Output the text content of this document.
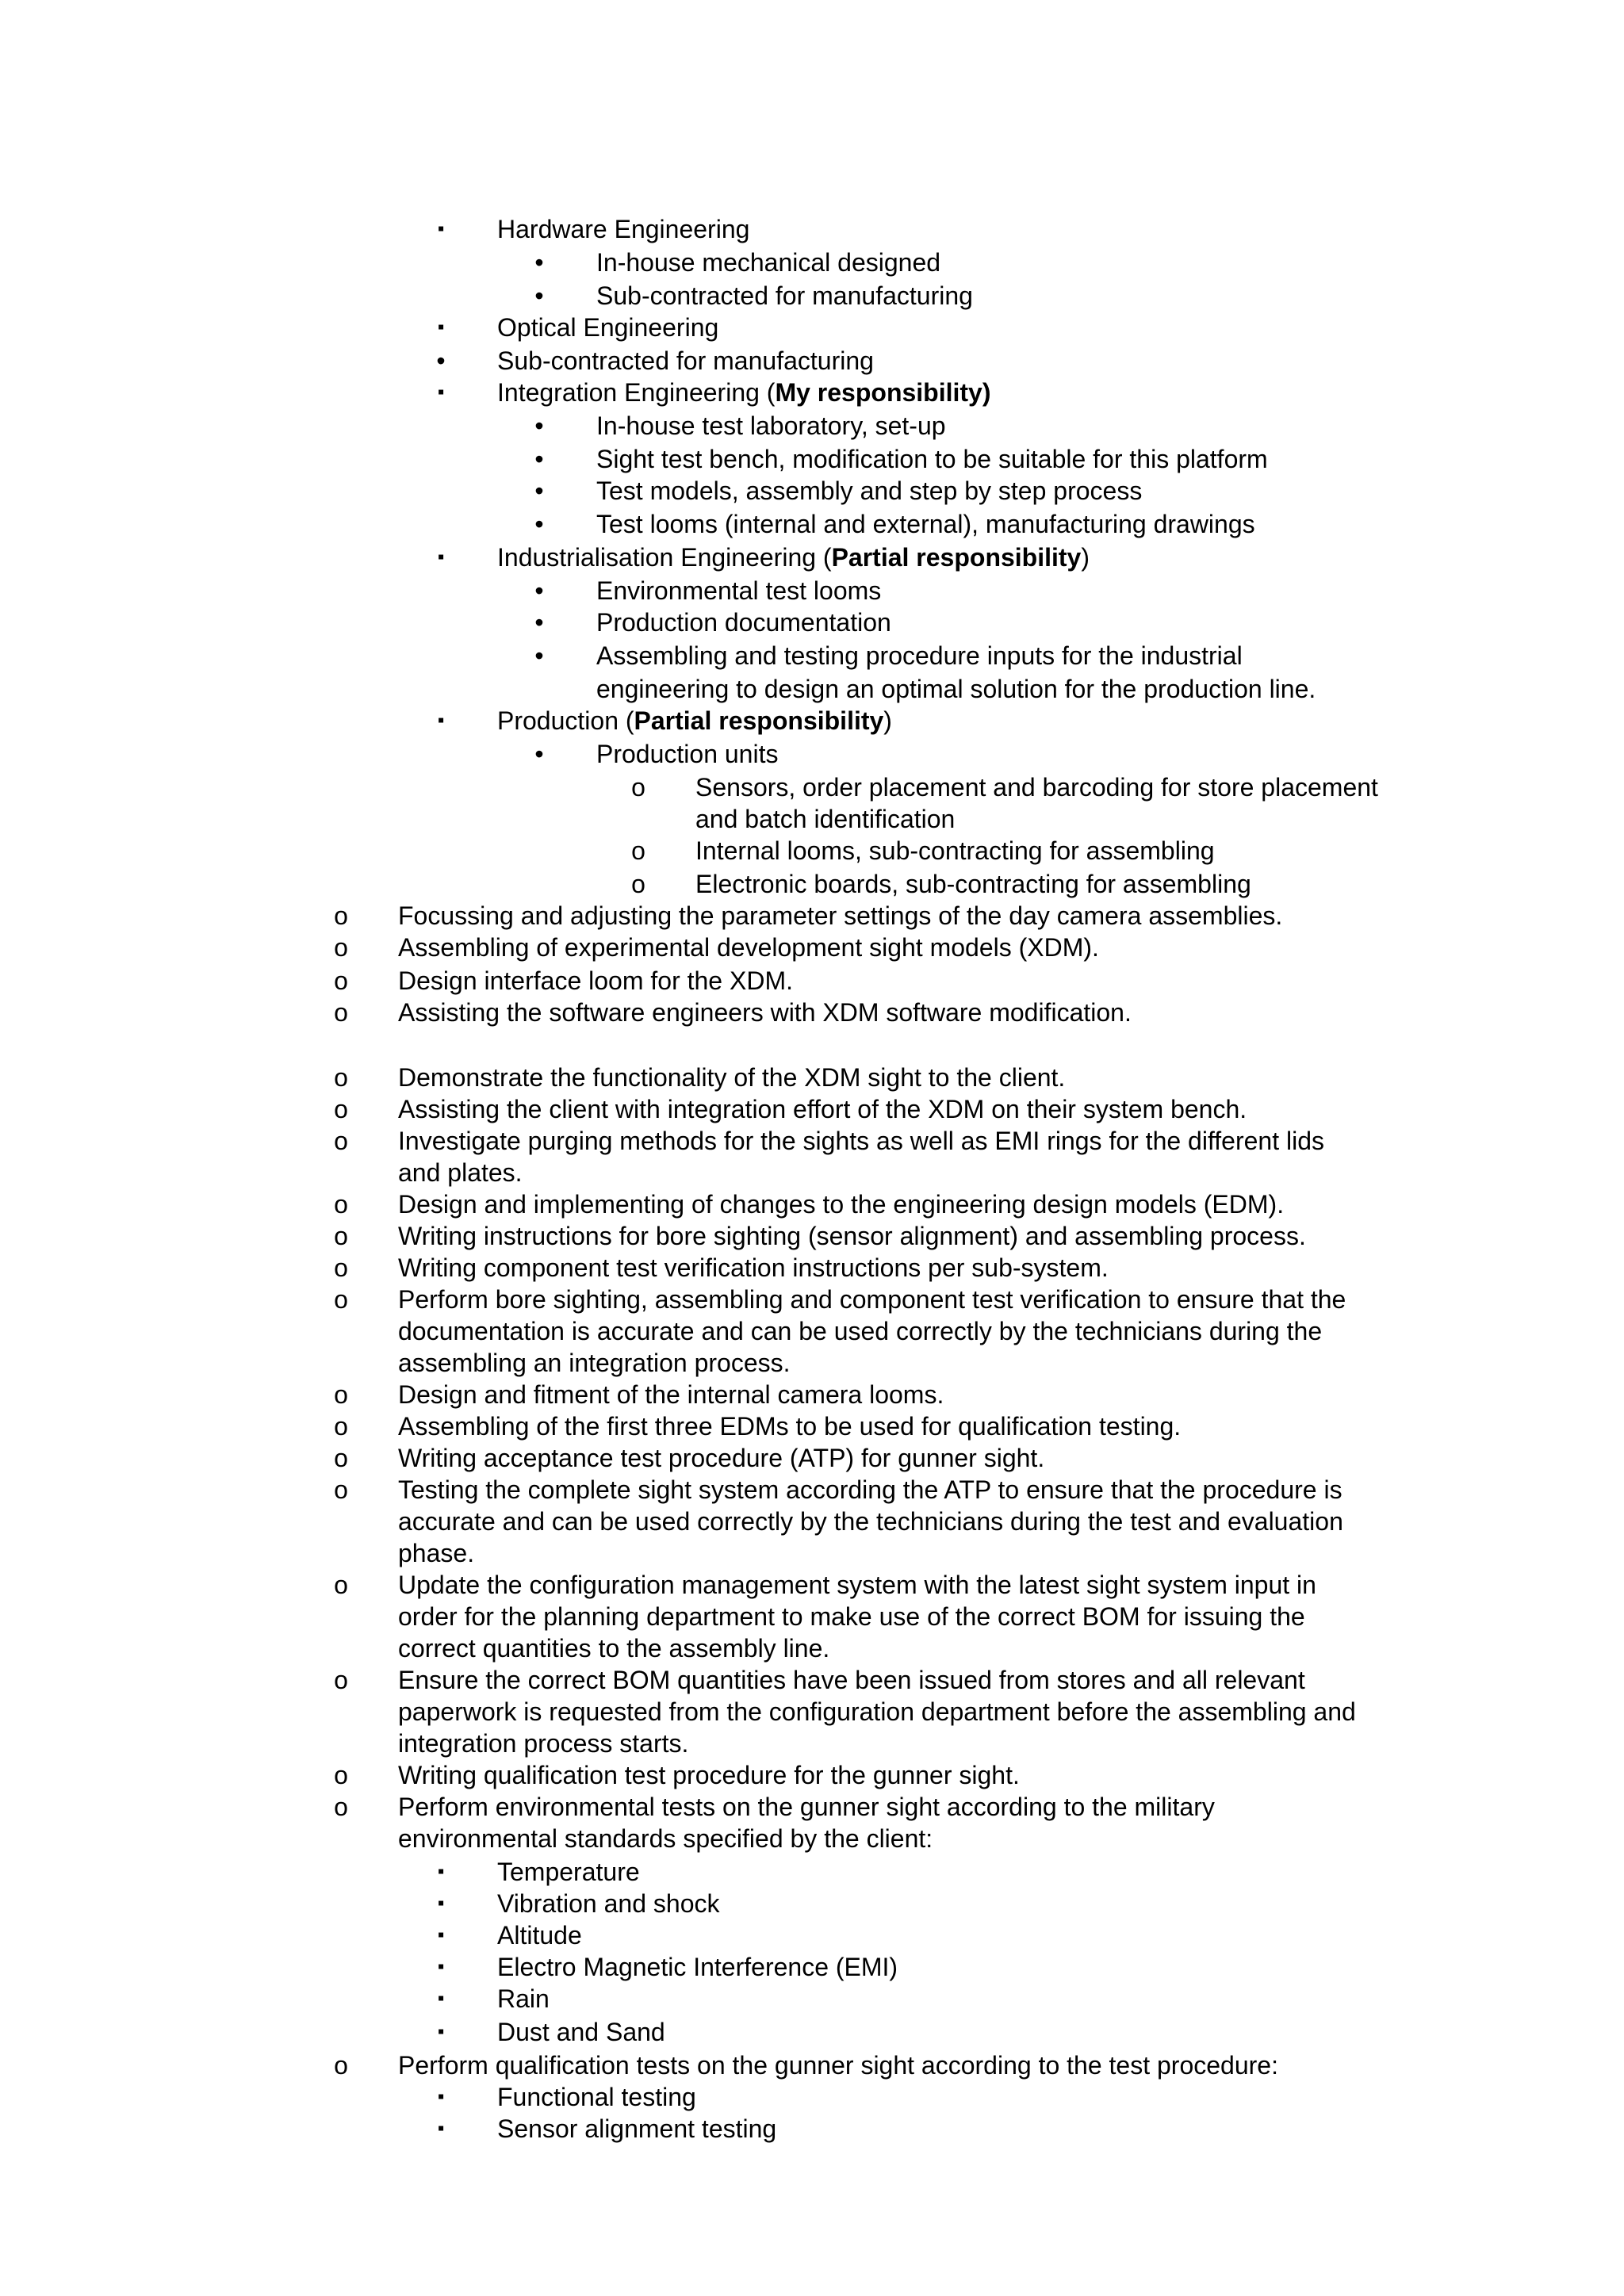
▪	Hardware Engineering
•	In-house mechanical designed
•	Sub-contracted for manufacturing
▪	Optical Engineering
•	Sub-contracted for manufacturing
▪	Integration Engineering (My responsibility)
•	In-house test laboratory, set-up
•	Sight test bench, modification to be suitable for this platform
•	Test models, assembly and step by step process
•	Test looms (internal and external), manufacturing drawings
▪	Industrialisation Engineering (Partial responsibility)
•	Environmental test looms
•	Production documentation
•	Assembling and testing procedure inputs for the industrial
engineering to design an optimal solution for the production line.
▪	Production (Partial responsibility)
•	Production units
o	Sensors, order placement and barcoding for store placement
and batch identification
o	Internal looms, sub-contracting for assembling
o	Electronic boards, sub-contracting for assembling
o	Focussing and adjusting the parameter settings of the day camera assemblies.
o	Assembling of experimental development sight models (XDM).
o	Design interface loom for the XDM.
o	Assisting the software engineers with XDM software modification.
o	Demonstrate the functionality of the XDM sight to the client.
o	Assisting the client with integration effort of the XDM on their system bench.
o	Investigate purging methods for the sights as well as EMI rings for the different lids
and plates.
o	Design and implementing of changes to the engineering design models (EDM).
o	Writing instructions for bore sighting (sensor alignment) and assembling process.
o	Writing component test verification instructions per sub-system.
o	Perform bore sighting, assembling and component test verification to ensure that the
documentation is accurate and can be used correctly by the technicians during the
assembling an integration process.
o	Design and fitment of the internal camera looms.
o	Assembling of the first three EDMs to be used for qualification testing.
o	Writing acceptance test procedure (ATP) for gunner sight.
o	Testing the complete sight system according the ATP to ensure that the procedure is
accurate and can be used correctly by the technicians during the test and evaluation
phase.
o	Update the configuration management system with the latest sight system input in
order for the planning department to make use of the correct BOM for issuing the
correct quantities to the assembly line.
o	Ensure the correct BOM quantities have been issued from stores and all relevant
paperwork is requested from the configuration department before the assembling and
integration process starts.
o	Writing qualification test procedure for the gunner sight.
o	Perform environmental tests on the gunner sight according to the military
environmental standards specified by the client:
▪	Temperature
▪	Vibration and shock
▪	Altitude
▪	Electro Magnetic Interference (EMI)
▪	Rain
▪	Dust and Sand
o	Perform qualification tests on the gunner sight according to the test procedure:
▪	Functional testing
▪	Sensor alignment testing
